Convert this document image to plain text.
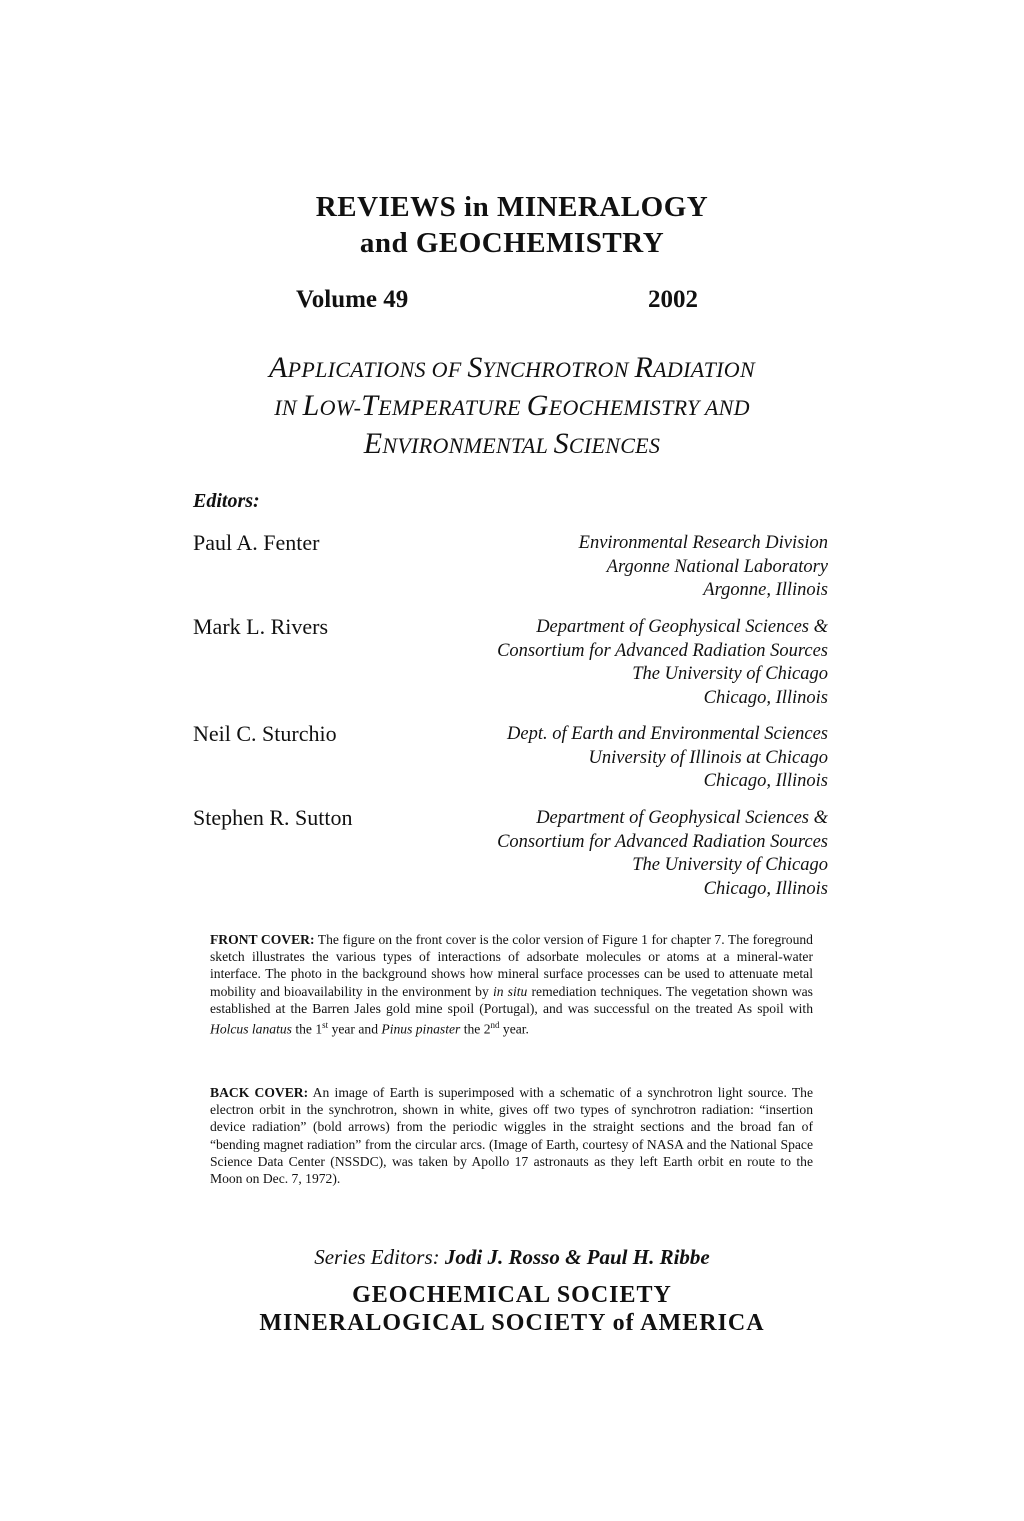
REVIEWS in MINERALOGY
and GEOCHEMISTRY
Volume 49	2002
APPLICATIONS OF SYNCHROTRON RADIATION
IN LOW-TEMPERATURE GEOCHEMISTRY AND
ENVIRONMENTAL SCIENCES
Editors:
Paul A. Fenter	Environmental Research Division
Argonne National Laboratory
Argonne, Illinois
Mark L. Rivers	Department of Geophysical Sciences &
Consortium for Advanced Radiation Sources
The University of Chicago
Chicago, Illinois
Neil C. Sturchio	Dept. of Earth and Environmental Sciences
University of Illinois at Chicago
Chicago, Illinois
Stephen R. Sutton	Department of Geophysical Sciences &
Consortium for Advanced Radiation Sources
The University of Chicago
Chicago, Illinois
FRONT COVER: The figure on the front cover is the color version of Figure 1 for chapter 7. The foreground sketch illustrates the various types of interactions of adsorbate molecules or atoms at a mineral-water interface. The photo in the background shows how mineral surface processes can be used to attenuate metal mobility and bioavailability in the environment by in situ remediation techniques. The vegetation shown was established at the Barren Jales gold mine spoil (Portugal), and was successful on the treated As spoil with Holcus lanatus the 1st year and Pinus pinaster the 2nd year.
BACK COVER: An image of Earth is superimposed with a schematic of a synchrotron light source. The electron orbit in the synchrotron, shown in white, gives off two types of synchrotron radiation: “insertion device radiation” (bold arrows) from the periodic wiggles in the straight sections and the broad fan of “bending magnet radiation” from the circular arcs. (Image of Earth, courtesy of NASA and the National Space Science Data Center (NSSDC), was taken by Apollo 17 astronauts as they left Earth orbit en route to the Moon on Dec. 7, 1972).
Series Editors: Jodi J. Rosso & Paul H. Ribbe
GEOCHEMICAL SOCIETY
MINERALOGICAL SOCIETY of AMERICA
